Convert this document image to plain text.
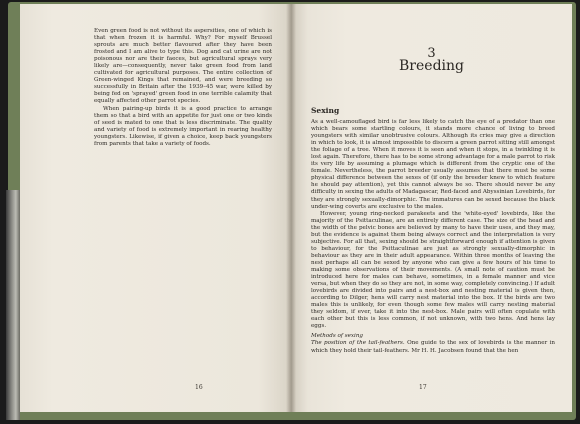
Even green food is not without its aspersities, one of which is that when frozen it is harmful. Why? For myself Brussel sprouts are much better flavoured after they have been frosted and I am alive to type this. Dog and cat urine are not poisonous nor are their faeces, but agricultural sprays very likely are—consequently, never take green food from land cultivated for agricultural purposes. The entire collection of Green-winged Kings that remained, and were breeding so successfully in Britain after the 1939–45 war, were killed by being fed on 'sprayed' green food in one terrible calamity that equally affected other parrot species.

When pairing-up birds it is a good practice to arrange them so that a bird with an appetite for just one or two kinds of seed is mated to one that is less discriminate. The quality and variety of food is extremely important in rearing healthy youngsters. Likewise, if given a choice, keep back youngsters from parents that take a variety of foods.

16
3
Breeding
Sexing

As a well-camouflaged bird is far less likely to catch the eye of a predator than one which bears some startling colours, it stands more chance of living to breed youngsters with similar unobtrusive colours. Although its cries may give a direction in which to look, it is almost impossible to discern a green parrot sitting still amongst the foliage of a tree. When it moves it is seen and when it stops, in a twinkling it is lost again. Therefore, there has to be some strong advantage for a male parrot to risk its very life by assuming a plumage which is different from the cryptic one of the female. Nevertheless, the parrot breeder usually assumes that there must be some physical difference between the sexes of (if only the breeder knew to which feature he should pay attention), yet this cannot always be so. There should never be any difficulty in sexing the adults of Madagascar, Red-faced and Abyssinian Lovebirds, for they are strongly sexually-dimorphic. The immatures can be sexed because the black under-wing coverts are exclusive to the males.

However, young ring-necked parakeets and the 'white-eyed' lovebirds, like the majority of the Psittaculinae, are an entirely different case. The size of the head and the width of the pelvic bones are believed by many to have their uses, and they may, but the evidence is against them being always correct and the interpretation is very subjective. For all that, sexing should be straightforward enough if attention is given to behaviour, for the Psittaculinae are just as strongly sexually-dimorphic in behaviour as they are in their adult appearance. Within three months of leaving the nest perhaps all can be sexed by anyone who can give a few hours of his time to making some observations of their movements. (A small note of caution must be introduced here for males can behave, sometimes, in a female manner and vice versa, but when they do so they are not, in some way, completely convincing.) If adult lovebirds are divided into pairs and a nest-box and nesting material is given then, according to Dilger, hens will carry nest material into the box. If the birds are two males this is unlikely, for even though some few males will carry nesting material they seldom, if ever, take it into the nest-box. Male pairs will often copulate with each other but this is less common, if not unknown, with two hens. And hens lay eggs.

Methods of sexing

The position of the tail-feathers. One guide to the sex of lovebirds is the manner in which they hold their tail-feathers. Mr H. H. Jacobsen found that the hen

17
